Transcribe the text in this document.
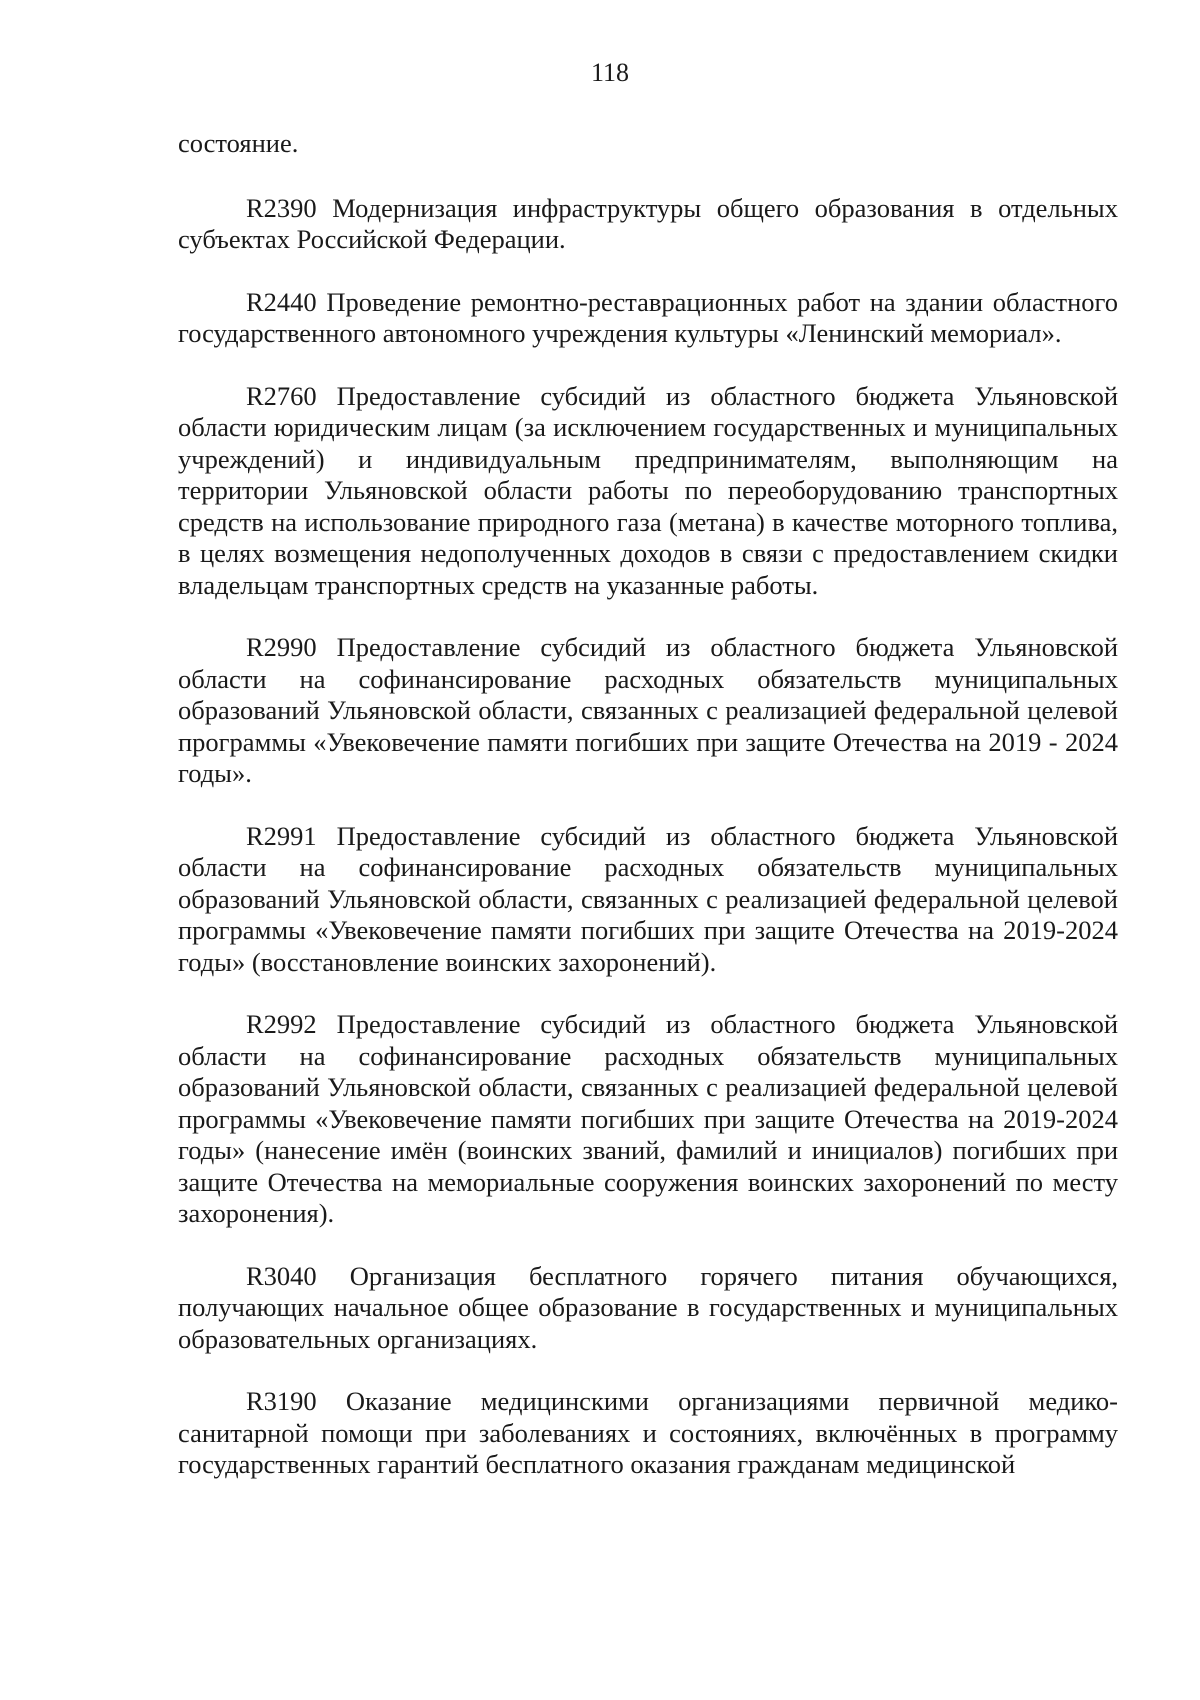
118

состояние.

R2390 Модернизация инфраструктуры общего образования в отдельных субъектах Российской Федерации.

R2440 Проведение ремонтно-реставрационных работ на здании областного государственного автономного учреждения культуры «Ленинский мемориал».

R2760 Предоставление субсидий из областного бюджета Ульяновской области юридическим лицам (за исключением государственных и муниципальных учреждений) и индивидуальным предпринимателям, выполняющим на территории Ульяновской области работы по переоборудованию транспортных средств на использование природного газа (метана) в качестве моторного топлива, в целях возмещения недополученных доходов в связи с предоставлением скидки владельцам транспортных средств на указанные работы.

R2990 Предоставление субсидий из областного бюджета Ульяновской области на софинансирование расходных обязательств муниципальных образований Ульяновской области, связанных с реализацией федеральной целевой программы «Увековечение памяти погибших при защите Отечества на 2019 - 2024 годы».

R2991 Предоставление субсидий из областного бюджета Ульяновской области на софинансирование расходных обязательств муниципальных образований Ульяновской области, связанных с реализацией федеральной целевой программы «Увековечение памяти погибших при защите Отечества на 2019-2024 годы» (восстановление воинских захоронений).

R2992 Предоставление субсидий из областного бюджета Ульяновской области на софинансирование расходных обязательств муниципальных образований Ульяновской области, связанных с реализацией федеральной целевой программы «Увековечение памяти погибших при защите Отечества на 2019-2024 годы» (нанесение имён (воинских званий, фамилий и инициалов) погибших при защите Отечества на мемориальные сооружения воинских захоронений по месту захоронения).

R3040 Организация бесплатного горячего питания обучающихся, получающих начальное общее образование в государственных и муниципальных образовательных организациях.

R3190 Оказание медицинскими организациями первичной медико-санитарной помощи при заболеваниях и состояниях, включённых в программу государственных гарантий бесплатного оказания гражданам медицинской
